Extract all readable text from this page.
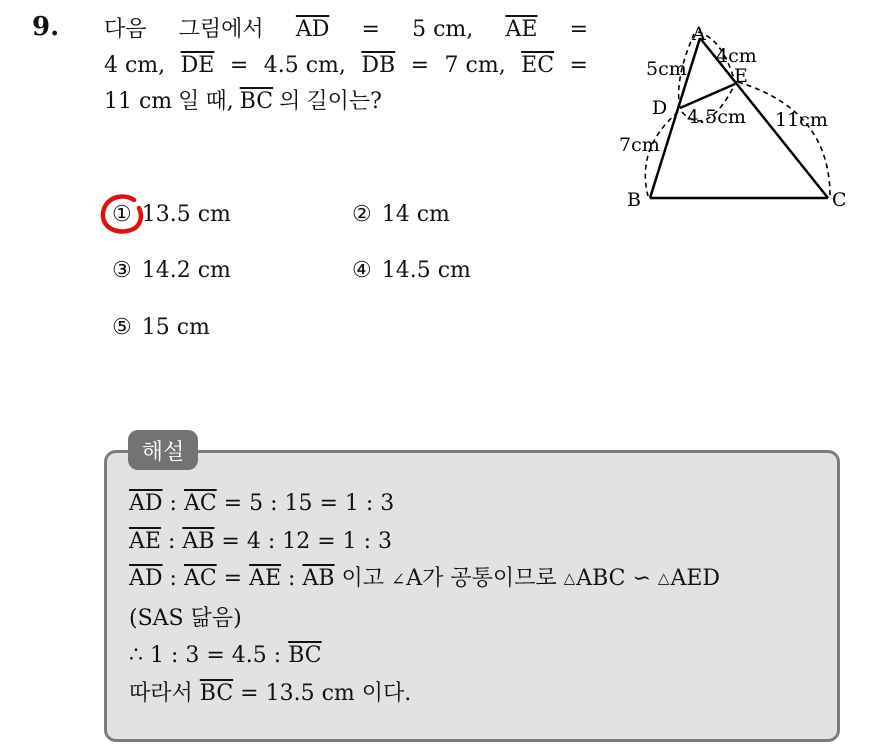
9. 다음 그림에서 $\overline{AD} = 5$ cm, $\overline{AE}$ =
4 cm, $\overline{DE} = 4.5$ cm, $\overline{DB} = 7$ cm, $\overline{EC}$ =
11 cm 일 때, $\overline{BC}$ 의 길이는?
A
B	C
D
E
5cm
4cm
4.5cm
7cm
11cm
① 13.5 cm	② 14 cm
③ 14.2 cm	④ 14.5 cm
⑤ 15 cm
해설
$\overline{AD}$ : $\overline{AC} = 5$ : 15 = 1 : 3
$\overline{AE}$ : $\overline{AB} = 4$ : 12 = 1 : 3
$\overline{AD}$ : $\overline{AC} = \overline{AE}$ : $\overline{AB}$ 이고 ∠A가 공통이므로 △ABC ∽ △AED
(SAS 닮음)
∴ 1 : 3 = 4.5 : $\overline{BC}$
따라서 $\overline{BC} = 13.5$ cm 이다.
